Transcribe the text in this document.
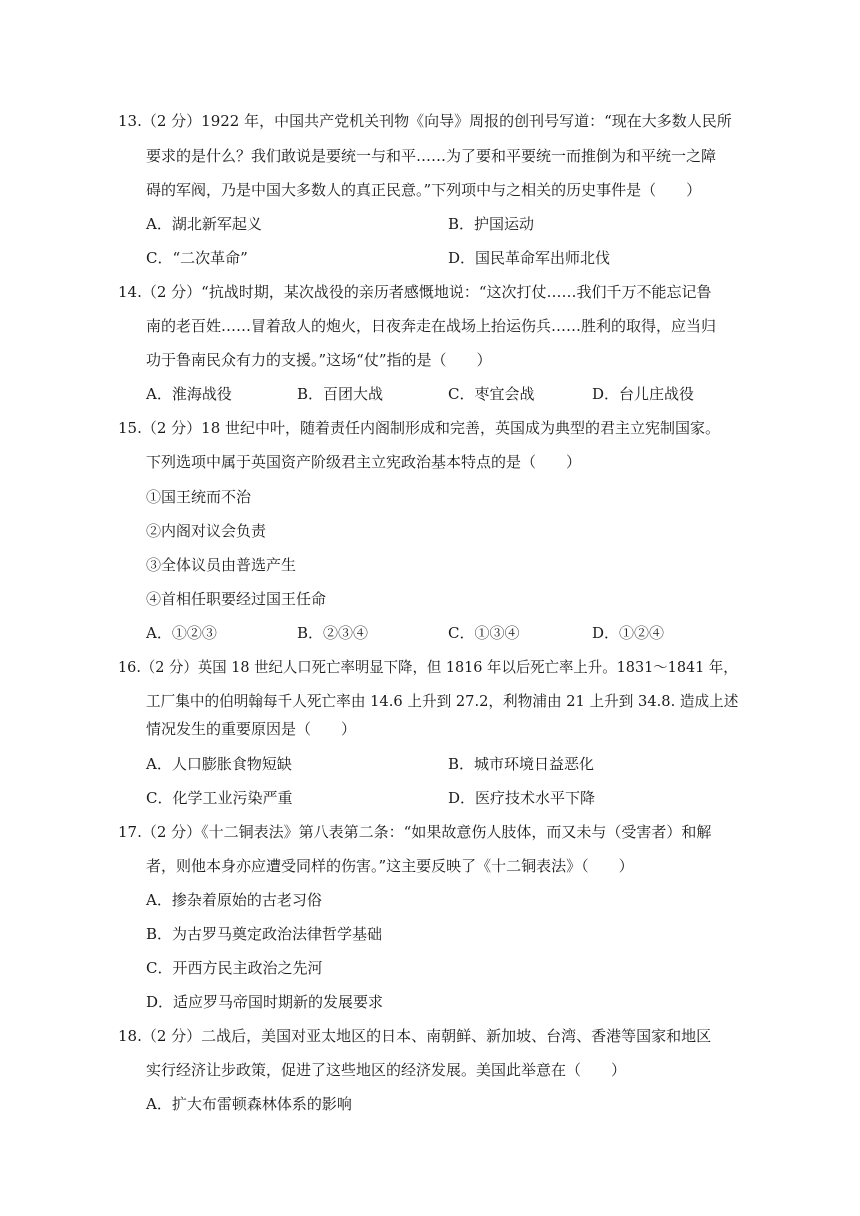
13.（2 分）1922 年，中国共产党机关刊物《向导》周报的创刊号写道：“现在大多数人民所
要求的是什么？我们敢说是要统一与和平……为了要和平要统一而推倒为和平统一之障
碍的军阀，乃是中国大多数人的真正民意。”下列项中与之相关的历史事件是（　　）
A．湖北新军起义	B．护国运动
C．“二次革命”	D．国民革命军出师北伐
14.（2 分）“抗战时期，某次战役的亲历者感慨地说：“这次打仗……我们千万不能忘记鲁
南的老百姓……冒着敌人的炮火，日夜奔走在战场上抬运伤兵……胜利的取得，应当归
功于鲁南民众有力的支援。”这场“仗”指的是（　　）
A．淮海战役	B．百团大战	C．枣宜会战	D．台儿庄战役
15.（2 分）18 世纪中叶，随着责任内阁制形成和完善，英国成为典型的君主立宪制国家。
下列选项中属于英国资产阶级君主立宪政治基本特点的是（　　）
①国王统而不治
②内阁对议会负责
③全体议员由普选产生
④首相任职要经过国王任命
A．①②③	B．②③④	C．①③④	D．①②④
16.（2 分）英国 18 世纪人口死亡率明显下降，但 1816 年以后死亡率上升。1831～1841 年，
工厂集中的伯明翰每千人死亡率由 14.6 上升到 27.2，利物浦由 21 上升到 34.8. 造成上述
情况发生的重要原因是（　　）
A．人口膨胀食物短缺	B．城市环境日益恶化
C．化学工业污染严重	D．医疗技术水平下降
17.（2 分）《十二铜表法》第八表第二条：“如果故意伤人肢体，而又未与（受害者）和解
者，则他本身亦应遭受同样的伤害。”这主要反映了《十二铜表法》（　　）
A．掺杂着原始的古老习俗
B．为古罗马奠定政治法律哲学基础
C．开西方民主政治之先河
D．适应罗马帝国时期新的发展要求
18.（2 分）二战后，美国对亚太地区的日本、南朝鲜、新加坡、台湾、香港等国家和地区
实行经济让步政策，促进了这些地区的经济发展。美国此举意在（　　）
A．扩大布雷顿森林体系的影响
